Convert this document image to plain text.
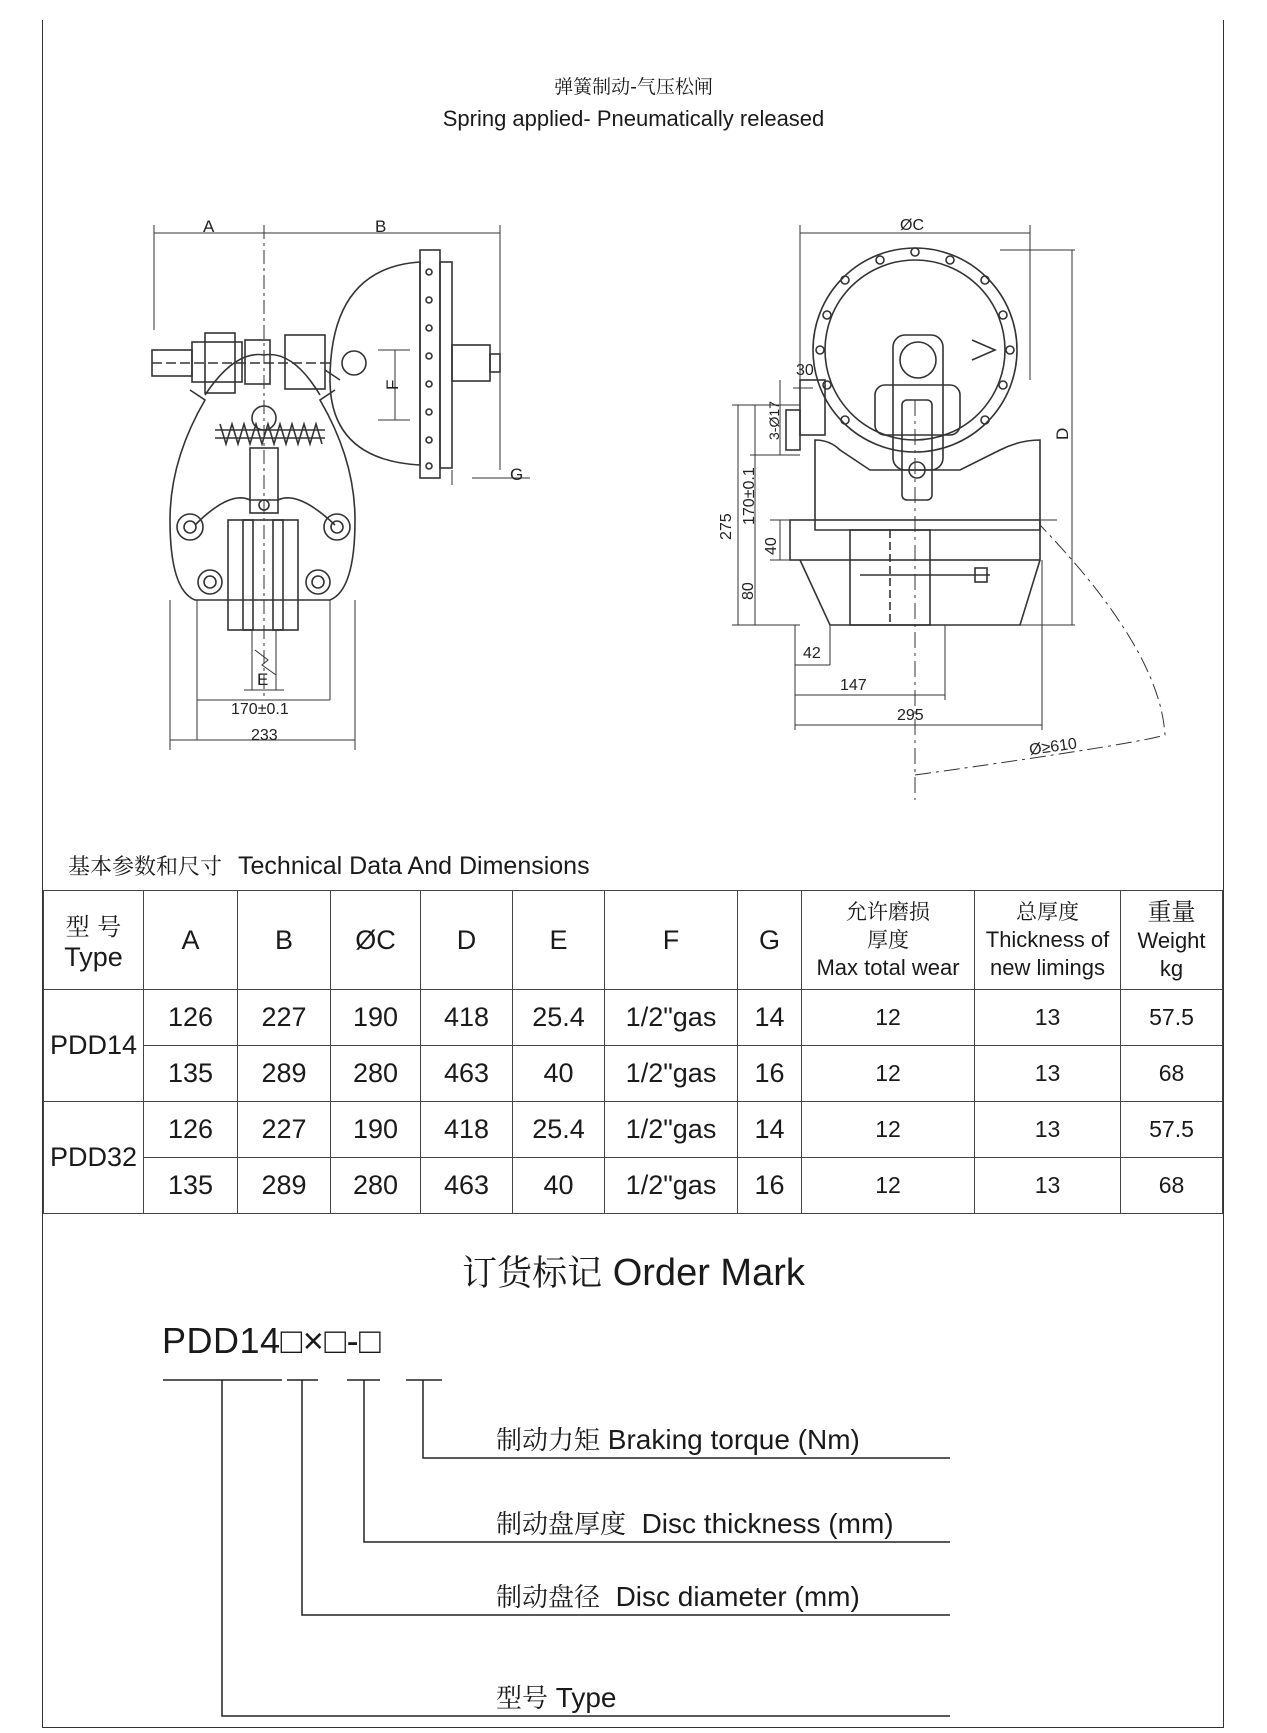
弹簧制动-气压松闸
Spring applied- Pneumatically released
A	B
F
G
E
170±0.1
233
ØC
D
30
3-Ø17
275
170±0.1
40
80
42
147
295
Ø≥610
基本参数和尺寸 Technical Data And Dimensions
型 号
Type	A	B	ØC	D	E	F	G	允许磨损
厚度
Max total wear	总厚度
Thickness of
new limings	重量
Weight
kg
PDD14	126	227	190	418	25.4	1/2"gas	14	12	13	57.5
	135	289	280	463	40	1/2"gas	16	12	13	68
PDD32	126	227	190	418	25.4	1/2"gas	14	12	13	57.5
	135	289	280	463	40	1/2"gas	16	12	13	68
订货标记 Order Mark
PDD14□×□-□
制动力矩 Braking torque (Nm)
制动盘厚度 Disc thickness (mm)
制动盘径 Disc diameter (mm)
型号 Type
